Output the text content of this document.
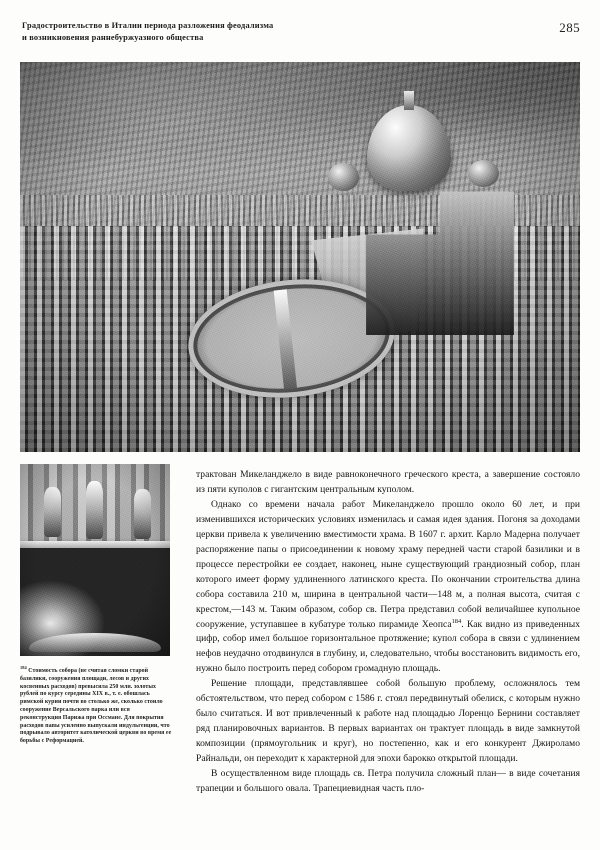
Градостроительство в Италии периода разложения феодализма
и возникновения раннебуржуазного общества
285
$^{184}$ Стоимость собора (не считая сломки старой базилики, сооружения площади, лесов и других косвенных расходов) превысила 250 млн. золотых рублей по курсу середины XIX в., т. е. обошлась римской курии почти во столько же, сколько стоило сооружение Версальского парка или вся реконструкция Парижа при Оссмане. Для покрытия расходов папы усиленно выпускали индульгенции, что подрывало авторитет католической церкви во время ее борьбы с Реформацией.

трактован Микеланджело в виде равноконечного греческого креста, а завершение состояло из пяти куполов с гигантским центральным куполом.

Однако со времени начала работ Микеланджело прошло около 60 лет, и при изменившихся исторических условиях изменилась и самая идея здания. Погоня за доходами церкви привела к увеличению вместимости храма. В 1607 г. архит. Карло Мадерна получает распоряжение папы о присоединении к новому храму передней части старой базилики и в процессе перестройки ее создает, наконец, ныне существующий грандиозный собор, план которого имеет форму удлиненного латинского креста. По окончании строительства длина собора составила 210 м, ширина в центральной части—148 м, а полная высота, считая с крестом,—143 м. Таким образом, собор св. Петра представил собой величайшее купольное сооружение, уступавшее в кубатуре только пирамиде Хеопса$^{184}$. Как видно из приведенных цифр, собор имел большое горизонтальное протяжение; купол собора в связи с удлинением нефов неудачно отодвинулся в глубину, и, следовательно, чтобы восстановить видимость его, нужно было построить перед собором громадную площадь.

Решение площади, представлявшее собой большую проблему, осложнялось тем обстоятельством, что перед собором с 1586 г. стоял передвинутый обелиск, с которым нужно было считаться. И вот привлеченный к работе над площадью Лоренцо Бернини составляет ряд планировочных вариантов. В первых вариантах он трактует площадь в виде замкнутой композиции (прямоугольник и круг), но постепенно, как и его конкурент Джироламо Райнальди, он переходит к характерной для эпохи барокко открытой площади.

В осуществленном виде площадь св. Петра получила сложный план— в виде сочетания трапеции и большого овала. Трапециевидная часть пло-
